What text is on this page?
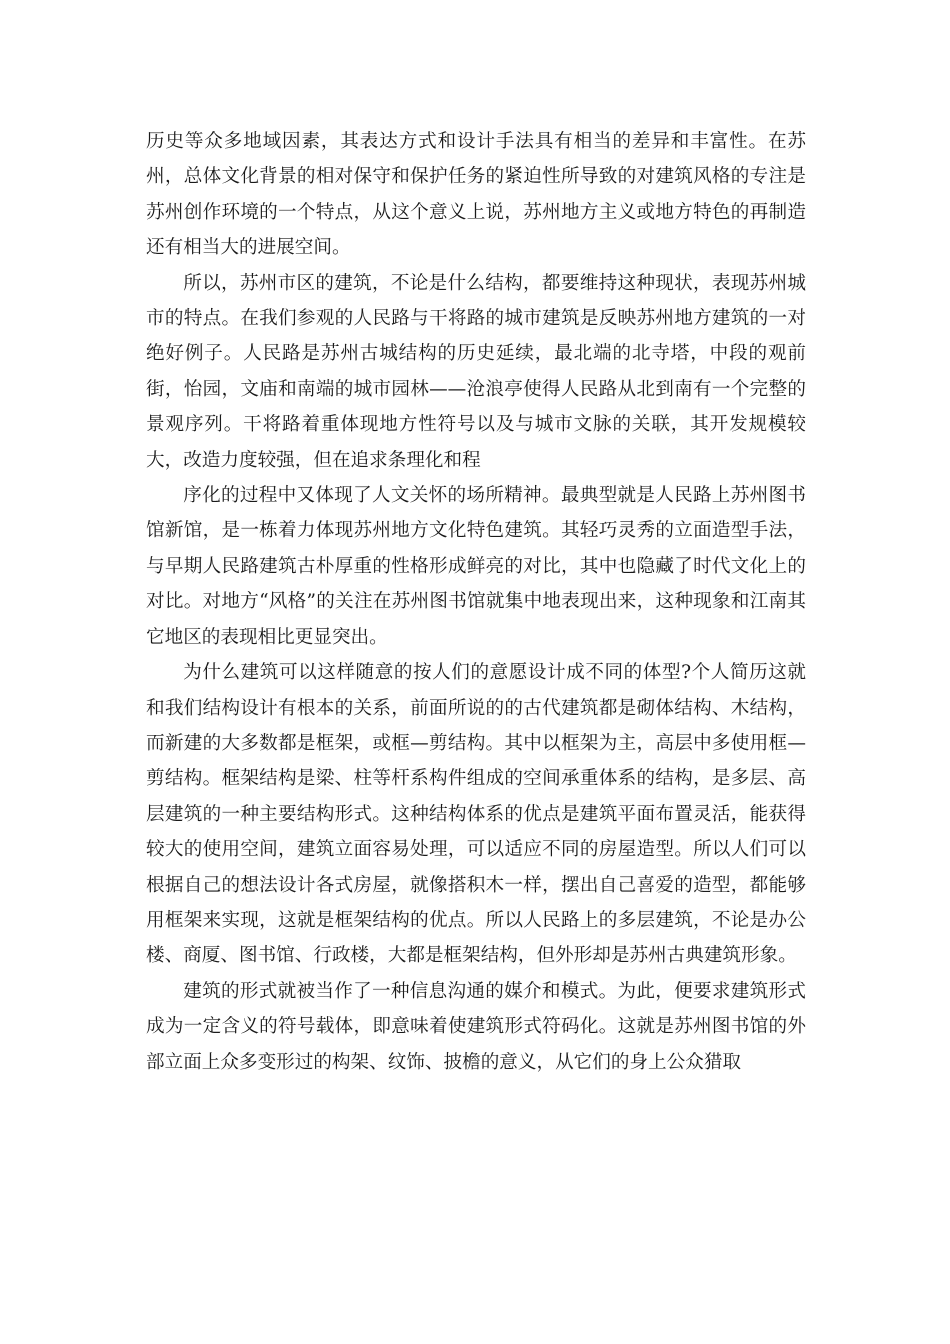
历史等众多地域因素，其表达方式和设计手法具有相当的差异和丰富性。在苏州，总体文化背景的相对保守和保护任务的紧迫性所导致的对建筑风格的专注是苏州创作环境的一个特点，从这个意义上说，苏州地方主义或地方特色的再制造还有相当大的进展空间。

所以，苏州市区的建筑，不论是什么结构，都要维持这种现状，表现苏州城市的特点。在我们参观的人民路与干将路的城市建筑是反映苏州地方建筑的一对绝好例子。人民路是苏州古城结构的历史延续，最北端的北寺塔，中段的观前街，怡园，文庙和南端的城市园林——沧浪亭使得人民路从北到南有一个完整的景观序列。干将路着重体现地方性符号以及与城市文脉的关联，其开发规模较大，改造力度较强，但在追求条理化和程

序化的过程中又体现了人文关怀的场所精神。最典型就是人民路上苏州图书馆新馆，是一栋着力体现苏州地方文化特色建筑。其轻巧灵秀的立面造型手法，与早期人民路建筑古朴厚重的性格形成鲜亮的对比，其中也隐藏了时代文化上的对比。对地方“风格”的关注在苏州图书馆就集中地表现出来，这种现象和江南其它地区的表现相比更显突出。

为什么建筑可以这样随意的按人们的意愿设计成不同的体型?个人简历这就和我们结构设计有根本的关系，前面所说的的古代建筑都是砌体结构、木结构，而新建的大多数都是框架，或框—剪结构。其中以框架为主，高层中多使用框—剪结构。框架结构是梁、柱等杆系构件组成的空间承重体系的结构，是多层、高层建筑的一种主要结构形式。这种结构体系的优点是建筑平面布置灵活，能获得较大的使用空间，建筑立面容易处理，可以适应不同的房屋造型。所以人们可以根据自己的想法设计各式房屋，就像搭积木一样，摆出自己喜爱的造型，都能够用框架来实现，这就是框架结构的优点。所以人民路上的多层建筑，不论是办公楼、商厦、图书馆、行政楼，大都是框架结构，但外形却是苏州古典建筑形象。

建筑的形式就被当作了一种信息沟通的媒介和模式。为此，便要求建筑形式成为一定含义的符号载体，即意味着使建筑形式符码化。这就是苏州图书馆的外部立面上众多变形过的构架、纹饰、披檐的意义，从它们的身上公众猎取
